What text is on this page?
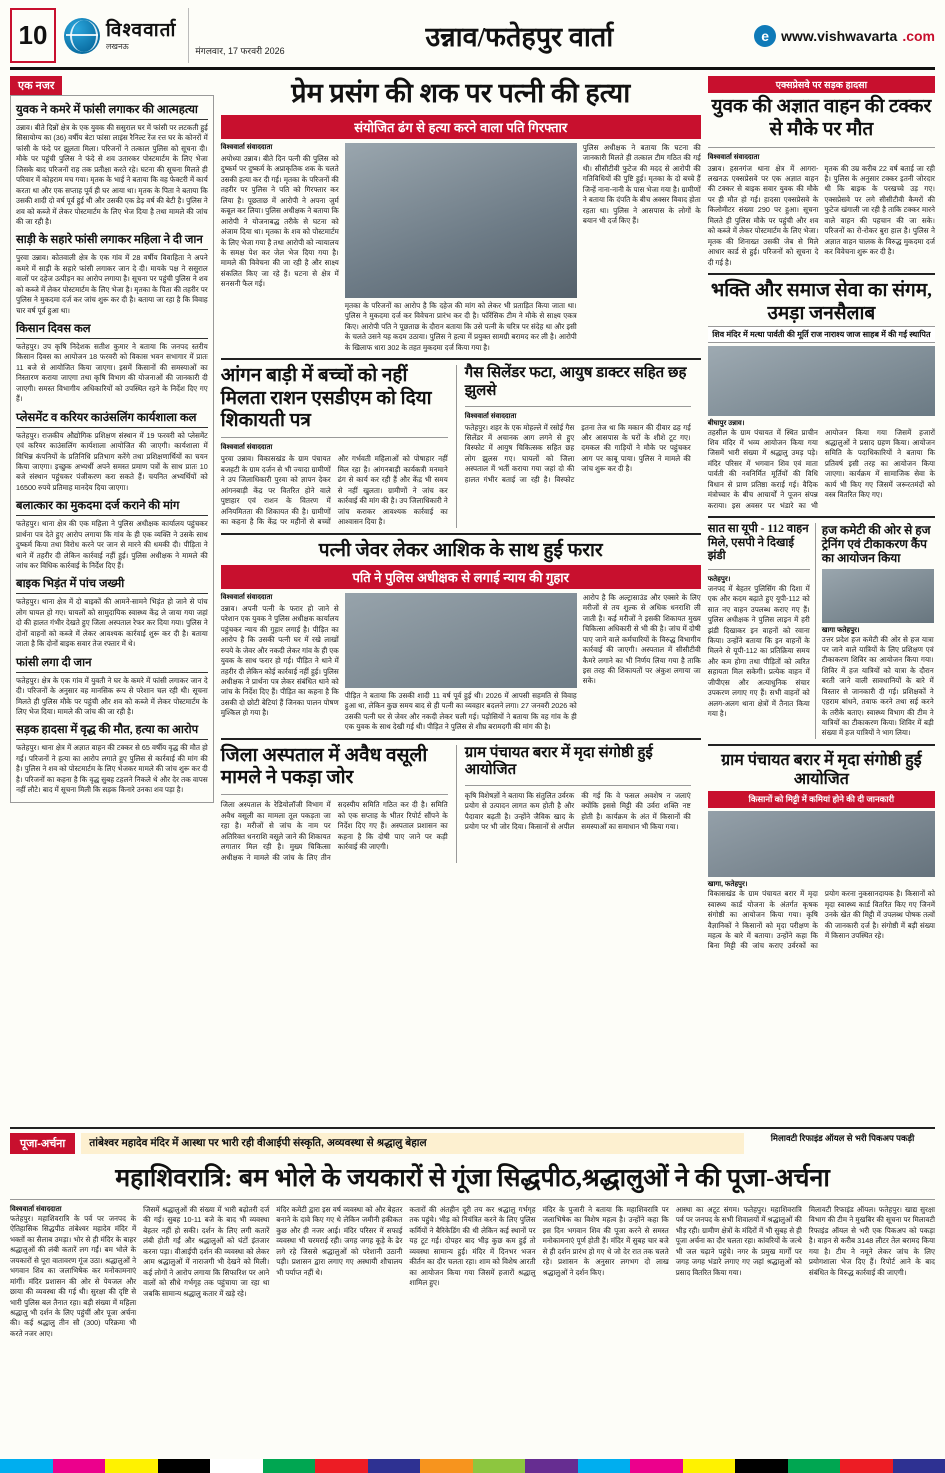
10	विश्ववार्ता
लखनऊ	मंगलवार, 17 फरवरी 2026	उन्नाव/फतेहपुर वार्ता	e www.vishwavarta .com
एक नजर
युवक ने कमरे में फांसी लगाकर की आत्महत्या
उन्नाव। बीते दिन्नों क्षेत्र के एक युवक की ससुराल घर में फांसी पर लटकती हुई सिसायोग्य का (36) वर्षीय बेटा फांसा लाइंस रैनिल्ट रेंज रत्त घर के कोनरों में फांसी के फंदे पर झूलता मिला। परिजनों ने तत्काल पुलिस को सूचना दी। मौके पर पहुंची पुलिस ने फंदे से शव उतारकर पोस्टमार्टम के लिए भेजा जिसके बाद परिजनों राह तक प्रतीक्षा करते रहे। घटना की सूचना मिलते ही परिवार में कोहराम मच गया। मृतक के भाई ने बताया कि वह फेक्टरी में कार्य करता था और एक सप्ताह पूर्व ही घर आया था। मृतक के पिता ने बताया कि उसकी शादी दो वर्ष पूर्व हुई थी और उसकी एक डेढ़ वर्ष की बेटी है। पुलिस ने शव को कब्जे में लेकर पोस्टमार्टम के लिए भेज दिया है तथा मामले की जांच की जा रही है।
साड़ी के सहारे फांसी लगाकर महिला ने दी जान
पुरवा उन्नाव। कोतवाली क्षेत्र के एक गांव में 28 वर्षीय विवाहिता ने अपने कमरे में साड़ी के सहारे फांसी लगाकर जान दे दी। मायके पक्ष ने ससुराल वालों पर दहेज उत्पीड़न का आरोप लगाया है। सूचना पर पहुंची पुलिस ने शव को कब्जे में लेकर पोस्टमार्टम के लिए भेजा है। मृतका के पिता की तहरीर पर पुलिस ने मुकदमा दर्ज कर जांच शुरू कर दी है। बताया जा रहा है कि विवाह चार वर्ष पूर्व हुआ था।
किसान दिवस कल
फतेहपुर। उप कृषि निदेशक सतीश कुमार ने बताया कि जनपद स्तरीय किसान दिवस का आयोजन 18 फरवरी को विकास भवन सभागार में प्रातः 11 बजे से आयोजित किया जाएगा। इसमें किसानों की समस्याओं का निस्तारण कराया जाएगा तथा कृषि विभाग की योजनाओं की जानकारी दी जाएगी। समस्त विभागीय अधिकारियों को उपस्थित रहने के निर्देश दिए गए हैं।
प्लेसमेंट व करियर काउंसलिंग कार्यशाला कल
फतेहपुर। राजकीय औद्योगिक प्रशिक्षण संस्थान में 19 फरवरी को प्लेसमेंट एवं करियर काउंसलिंग कार्यशाला आयोजित की जाएगी। कार्यशाला में विभिन्न कंपनियों के प्रतिनिधि प्रतिभाग करेंगे तथा प्रशिक्षणार्थियों का चयन किया जाएगा। इच्छुक अभ्यर्थी अपने समस्त प्रमाण पत्रों के साथ प्रातः 10 बजे संस्थान पहुंचकर पंजीकरण करा सकते हैं। चयनित अभ्यर्थियों को 16500 रुपये प्रतिमाह मानदेय दिया जाएगा।
बलात्कार का मुकदमा दर्ज कराने की मांग
फतेहपुर। थाना क्षेत्र की एक महिला ने पुलिस अधीक्षक कार्यालय पहुंचकर प्रार्थना पत्र देते हुए आरोप लगाया कि गांव के ही एक व्यक्ति ने उसके साथ दुष्कर्म किया तथा विरोध करने पर जान से मारने की धमकी दी। पीड़िता ने थाने में तहरीर दी लेकिन कार्रवाई नहीं हुई। पुलिस अधीक्षक ने मामले की जांच कर विधिक कार्रवाई के निर्देश दिए हैं।
बाइक भिड़ंत में पांच जख्मी
फतेहपुर। थाना क्षेत्र में दो बाइकों की आमने-सामने भिड़ंत हो जाने से पांच लोग घायल हो गए। घायलों को सामुदायिक स्वास्थ्य केंद्र ले जाया गया जहां दो की हालत गंभीर देखते हुए जिला अस्पताल रेफर कर दिया गया। पुलिस ने दोनों वाहनों को कब्जे में लेकर आवश्यक कार्रवाई शुरू कर दी है। बताया जाता है कि दोनों बाइक सवार तेज रफ्तार में थे।
फांसी लगा दी जान
फतेहपुर। क्षेत्र के एक गांव में युवती ने घर के कमरे में फांसी लगाकर जान दे दी। परिजनों के अनुसार वह मानसिक रूप से परेशान चल रही थी। सूचना मिलते ही पुलिस मौके पर पहुंची और शव को कब्जे में लेकर पोस्टमार्टम के लिए भेज दिया। मामले की जांच की जा रही है।
सड़क हादसा में वृद्ध की मौत, हत्या का आरोप
फतेहपुर। थाना क्षेत्र में अज्ञात वाहन की टक्कर से 65 वर्षीय वृद्ध की मौत हो गई। परिजनों ने हत्या का आरोप लगाते हुए पुलिस से कार्रवाई की मांग की है। पुलिस ने शव को पोस्टमार्टम के लिए भेजकर मामले की जांच शुरू कर दी है। परिजनों का कहना है कि वृद्ध सुबह टहलने निकले थे और देर तक वापस नहीं लौटे। बाद में सूचना मिली कि सड़क किनारे उनका शव पड़ा है।
प्रेम प्रसंग की शक पर पत्नी की हत्या
संयोजित ढंग से हत्या करने वाला पति गिरफ्तार
विश्ववार्ता संवाददाता
अयोध्या उन्नाव। बीते दिन पत्नी की पुलिस को दुष्कर्म पर दुष्कर्म के अप्राकृतिक शक के चलते उसकी हत्या कर दी गई। मृतका के परिजनों की तहरीर पर पुलिस ने पति को गिरफ्तार कर लिया है। पूछताछ में आरोपी ने अपना जुर्म कबूल कर लिया। पुलिस अधीक्षक ने बताया कि आरोपी ने योजनाबद्ध तरीके से घटना को अंजाम दिया था। मृतका के शव को पोस्टमार्टम के लिए भेजा गया है तथा आरोपी को न्यायालय के समक्ष पेश कर जेल भेज दिया गया है। मामले की विवेचना की जा रही है और साक्ष्य संकलित किए जा रहे हैं। घटना से क्षेत्र में सनसनी फैल गई।
मृतका के परिजनों का आरोप है कि दहेज की मांग को लेकर भी प्रताड़ित किया जाता था। पुलिस ने मुकदमा दर्ज कर विवेचना प्रारंभ कर दी है। फॉरेंसिक टीम ने मौके से साक्ष्य एकत्र किए। आरोपी पति ने पूछताछ के दौरान बताया कि उसे पत्नी के चरित्र पर संदेह था और इसी के चलते उसने यह कदम उठाया। पुलिस ने हत्या में प्रयुक्त सामग्री बरामद कर ली है। आरोपी के खिलाफ धारा 302 के तहत मुकदमा दर्ज किया गया है।
पुलिस अधीक्षक ने बताया कि घटना की जानकारी मिलते ही तत्काल टीम गठित की गई थी। सीसीटीवी फुटेज की मदद से आरोपी की गतिविधियों की पुष्टि हुई। मृतका के दो बच्चे हैं जिन्हें नाना-नानी के पास भेजा गया है। ग्रामीणों ने बताया कि दंपति के बीच अक्सर विवाद होता रहता था। पुलिस ने आसपास के लोगों के बयान भी दर्ज किए हैं।
आंगन बाड़ी में बच्चों को नहीं मिलता राशन एसडीएम को दिया शिकायती पत्र
विश्ववार्ता संवाददाता
पुरवा उन्नाव। विकासखंड के ग्राम पंचायत बजहटी के ग्राम दर्जन से भी ज्यादा ग्रामीणों ने उप जिलाधिकारी पुरवा को ज्ञापन देकर आंगनबाड़ी केंद्र पर वितरित होने वाले पुष्टाहार एवं राशन के वितरण में अनियमितता की शिकायत की है। ग्रामीणों का कहना है कि केंद्र पर महीनों से बच्चों और गर्भवती महिलाओं को पोषाहार नहीं मिल रहा है। आंगनबाड़ी कार्यकत्री मनमाने ढंग से कार्य कर रही हैं और केंद्र भी समय से नहीं खुलता। ग्रामीणों ने जांच कर कार्रवाई की मांग की है। उप जिलाधिकारी ने जांच कराकर आवश्यक कार्रवाई का आश्वासन दिया है।
गैस सिलेंडर फटा, आयुष डाक्टर सहित छह झुलसे
विश्ववार्ता संवाददाता
फतेहपुर। शहर के एक मोहल्ले में रसोई गैस सिलेंडर में अचानक आग लगने से हुए विस्फोट में आयुष चिकित्सक सहित छह लोग झुलस गए। घायलों को जिला अस्पताल में भर्ती कराया गया जहां दो की हालत गंभीर बताई जा रही है। विस्फोट इतना तेज था कि मकान की दीवार ढह गई और आसपास के घरों के शीशे टूट गए। दमकल की गाड़ियों ने मौके पर पहुंचकर आग पर काबू पाया। पुलिस ने मामले की जांच शुरू कर दी है।
पत्नी जेवर लेकर आशिक के साथ हुई फरार
पति ने पुलिस अधीक्षक से लगाई न्याय की गुहार
विश्ववार्ता संवाददाता
उन्नाव। अपनी पत्नी के फरार हो जाने से परेशान एक युवक ने पुलिस अधीक्षक कार्यालय पहुंचकर न्याय की गुहार लगाई है। पीड़ित का आरोप है कि उसकी पत्नी घर में रखे लाखों रुपये के जेवर और नकदी लेकर गांव के ही एक युवक के साथ फरार हो गई। पीड़ित ने थाने में तहरीर दी लेकिन कोई कार्रवाई नहीं हुई। पुलिस अधीक्षक ने प्रार्थना पत्र लेकर संबंधित थाने को जांच के निर्देश दिए हैं। पीड़ित का कहना है कि उसकी दो छोटी बेटियां हैं जिनका पालन पोषण मुश्किल हो गया है।
पीड़ित ने बताया कि उसकी शादी 11 वर्ष पूर्व हुई थी। 2026 में आपसी सहमति से विवाह हुआ था, लेकिन कुछ समय बाद से ही पत्नी का व्यवहार बदलने लगा। 27 जनवरी 2026 को उसकी पत्नी घर से जेवर और नकदी लेकर चली गई। पड़ोसियों ने बताया कि वह गांव के ही एक युवक के साथ देखी गई थी। पीड़ित ने पुलिस से शीघ्र बरामदगी की मांग की है।
आरोप है कि अल्ट्रासाउंड और एक्सरे के लिए मरीजों से तय शुल्क से अधिक धनराशि ली जाती है। कई मरीजों ने इसकी शिकायत मुख्य चिकित्सा अधिकारी से भी की है। जांच में दोषी पाए जाने वाले कर्मचारियों के विरुद्ध विभागीय कार्रवाई की जाएगी। अस्पताल में सीसीटीवी कैमरे लगाने का भी निर्णय लिया गया है ताकि इस तरह की शिकायतों पर अंकुश लगाया जा सके।
जिला अस्पताल में अवैध वसूली मामले ने पकड़ा जोर
जिला अस्पताल के रेडियोलॉजी विभाग में अवैध वसूली का मामला तूल पकड़ता जा रहा है। मरीजों से जांच के नाम पर अतिरिक्त धनराशि वसूले जाने की शिकायत लगातार मिल रही है। मुख्य चिकित्सा अधीक्षक ने मामले की जांच के लिए तीन सदस्यीय समिति गठित कर दी है। समिति को एक सप्ताह के भीतर रिपोर्ट सौंपने के निर्देश दिए गए हैं। अस्पताल प्रशासन का कहना है कि दोषी पाए जाने पर कड़ी कार्रवाई की जाएगी।
ग्राम पंचायत बरार में मृदा संगोष्ठी हुई आयोजित
कृषि विशेषज्ञों ने बताया कि संतुलित उर्वरक प्रयोग से उत्पादन लागत कम होती है और पैदावार बढ़ती है। उन्होंने जैविक खाद के प्रयोग पर भी जोर दिया। किसानों से अपील की गई कि वे फसल अवशेष न जलाएं क्योंकि इससे मिट्टी की उर्वरा शक्ति नष्ट होती है। कार्यक्रम के अंत में किसानों की समस्याओं का समाधान भी किया गया।
एक्सप्रेसवे पर सड़क हादसा
युवक की अज्ञात वाहन की टक्कर से मौके पर मौत
विश्ववार्ता संवाददाता
उन्नाव। हसनगंज थाना क्षेत्र में आगरा-लखनऊ एक्सप्रेसवे पर एक अज्ञात वाहन की टक्कर से बाइक सवार युवक की मौके पर ही मौत हो गई। हादसा एक्सप्रेसवे के किलोमीटर संख्या 290 पर हुआ। सूचना मिलते ही पुलिस मौके पर पहुंची और शव को कब्जे में लेकर पोस्टमार्टम के लिए भेजा। मृतक की शिनाख्त उसकी जेब से मिले आधार कार्ड से हुई। परिजनों को सूचना दे दी गई है।
मृतक की उम्र करीब 22 वर्ष बताई जा रही है। पुलिस के अनुसार टक्कर इतनी जोरदार थी कि बाइक के परखच्चे उड़ गए। एक्सप्रेसवे पर लगे सीसीटीवी कैमरों की फुटेज खंगाली जा रही है ताकि टक्कर मारने वाले वाहन की पहचान की जा सके। परिजनों का रो-रोकर बुरा हाल है। पुलिस ने अज्ञात वाहन चालक के विरुद्ध मुकदमा दर्ज कर विवेचना शुरू कर दी है।
भक्ति और समाज सेवा का संगम, उमड़ा जनसैलाब
शिव मंदिर में मत्था पार्वती की मूर्ति राज नाराश्य जाज साहब में की गई स्थापित
बीघापुर उन्नाव।
तहसील के ग्राम पंचायत में स्थित प्राचीन शिव मंदिर में भव्य आयोजन किया गया जिसमें भारी संख्या में श्रद्धालु उमड़ पड़े। मंदिर परिसर में भगवान शिव एवं माता पार्वती की नवनिर्मित मूर्तियों की विधि विधान से प्राण प्रतिष्ठा कराई गई। वैदिक मंत्रोच्चार के बीच आचार्यों ने पूजन संपन्न कराया। इस अवसर पर भंडारे का भी आयोजन किया गया जिसमें हजारों श्रद्धालुओं ने प्रसाद ग्रहण किया। आयोजन समिति के पदाधिकारियों ने बताया कि प्रतिवर्ष इसी तरह का आयोजन किया जाएगा। कार्यक्रम में सामाजिक सेवा के कार्य भी किए गए जिसमें जरूरतमंदों को वस्त्र वितरित किए गए।
सात सा यूपी - 112 वाहन मिले, एसपी ने दिखाई झंडी
फतेहपुर।
जनपद में बेहतर पुलिसिंग की दिशा में एक और कदम बढ़ाते हुए यूपी-112 को सात नए वाहन उपलब्ध कराए गए हैं। पुलिस अधीक्षक ने पुलिस लाइन में हरी झंडी दिखाकर इन वाहनों को रवाना किया। उन्होंने बताया कि इन वाहनों के मिलने से यूपी-112 का प्रतिक्रिया समय और कम होगा तथा पीड़ितों को त्वरित सहायता मिल सकेगी। प्रत्येक वाहन में जीपीएस और अत्याधुनिक संचार उपकरण लगाए गए हैं। सभी वाहनों को अलग-अलग थाना क्षेत्रों में तैनात किया गया है।
हज कमेटी की ओर से हज ट्रेनिंग एवं टीकाकरण कैंप का आयोजन किया
खागा फतेहपुर।
उत्तर प्रदेश हज कमेटी की ओर से हज यात्रा पर जाने वाले यात्रियों के लिए प्रशिक्षण एवं टीकाकरण शिविर का आयोजन किया गया। शिविर में हज यात्रियों को यात्रा के दौरान बरती जाने वाली सावधानियों के बारे में विस्तार से जानकारी दी गई। प्रशिक्षकों ने एहराम बांधने, तवाफ करने तथा सई करने के तरीके बताए। स्वास्थ्य विभाग की टीम ने यात्रियों का टीकाकरण किया। शिविर में बड़ी संख्या में हज यात्रियों ने भाग लिया।
ग्राम पंचायत बरार में मृदा संगोष्ठी हुई आयोजित
किसानों को मिट्टी में कमियां होने की दी जानकारी
खागा, फतेहपुर।
विकासखंड के ग्राम पंचायत बरार में मृदा स्वास्थ्य कार्ड योजना के अंतर्गत कृषक संगोष्ठी का आयोजन किया गया। कृषि वैज्ञानिकों ने किसानों को मृदा परीक्षण के महत्व के बारे में बताया। उन्होंने कहा कि बिना मिट्टी की जांच कराए उर्वरकों का प्रयोग करना नुकसानदायक है। किसानों को मृदा स्वास्थ्य कार्ड वितरित किए गए जिनमें उनके खेत की मिट्टी में उपलब्ध पोषक तत्वों की जानकारी दर्ज है। संगोष्ठी में बड़ी संख्या में किसान उपस्थित रहे।
पूजा-अर्चना	तांबेश्वर महादेव मंदिर में आस्था पर भारी रही वीआईपी संस्कृति, अव्यवस्था से श्रद्धालु बेहाल	मिलावटी रिफाइंड ऑयल से भरी पिकअप पकड़ी
महाशिवरात्रि: बम भोले के जयकारों से गूंजा सिद्धपीठ,श्रद्धालुओं ने की पूजा-अर्चना
विश्ववार्ता संवाददाता
फतेहपुर। महाशिवरात्रि के पर्व पर जनपद के ऐतिहासिक सिद्धपीठ तांबेश्वर महादेव मंदिर में भक्तों का सैलाब उमड़ा। भोर से ही मंदिर के बाहर श्रद्धालुओं की लंबी कतारें लग गईं। बम भोले के जयकारों से पूरा वातावरण गूंज उठा। श्रद्धालुओं ने भगवान शिव का जलाभिषेक कर मनोकामनाएं मांगीं। मंदिर प्रशासन की ओर से पेयजल और छाया की व्यवस्था की गई थी। सुरक्षा की दृष्टि से भारी पुलिस बल तैनात रहा। बड़ी संख्या में महिला श्रद्धालु भी दर्शन के लिए पहुंचीं और पूजा अर्चना की। कई श्रद्धालु तीन सौ (300) परिक्रमा भी करते नजर आए।
जिसमें श्रद्धालुओं की संख्या में भारी बढ़ोतरी दर्ज की गई। सुबह 10-11 बजे के बाद भी व्यवस्था बेहतर नहीं हो सकी। दर्शन के लिए लगी कतारें लंबी होती गईं और श्रद्धालुओं को घंटों इंतजार करना पड़ा। वीआईपी दर्शन की व्यवस्था को लेकर आम श्रद्धालुओं में नाराजगी भी देखने को मिली। कई लोगों ने आरोप लगाया कि सिफारिश पर आने वालों को सीधे गर्भगृह तक पहुंचाया जा रहा था जबकि सामान्य श्रद्धालु कतार में खड़े रहे।
मंदिर कमेटी द्वारा इस वर्ष व्यवस्था को और बेहतर बनाने के दावे किए गए थे लेकिन जमीनी हकीकत कुछ और ही नजर आई। मंदिर परिसर में सफाई व्यवस्था भी चरमराई रही। जगह जगह कूड़े के ढेर लगे रहे जिससे श्रद्धालुओं को परेशानी उठानी पड़ी। प्रशासन द्वारा लगाए गए अस्थायी शौचालय भी पर्याप्त नहीं थे।
कतारों की अंतहीन दूरी तय कर श्रद्धालु गर्भगृह तक पहुंचे। भीड़ को नियंत्रित करने के लिए पुलिस कर्मियों ने बैरिकेडिंग की थी लेकिन कई स्थानों पर यह टूट गई। दोपहर बाद भीड़ कुछ कम हुई तो व्यवस्था सामान्य हुई। मंदिर में दिनभर भजन कीर्तन का दौर चलता रहा। शाम को विशेष आरती का आयोजन किया गया जिसमें हजारों श्रद्धालु शामिल हुए।
मंदिर के पुजारी ने बताया कि महाशिवरात्रि पर जलाभिषेक का विशेष महत्व है। उन्होंने कहा कि इस दिन भगवान शिव की पूजा करने से समस्त मनोकामनाएं पूर्ण होती हैं। मंदिर में सुबह चार बजे से ही दर्शन प्रारंभ हो गए थे जो देर रात तक चलते रहे। प्रशासन के अनुसार लगभग दो लाख श्रद्धालुओं ने दर्शन किए।
आस्था का अटूट संगम। फतेहपुर। महाशिवरात्रि पर्व पर जनपद के सभी शिवालयों में श्रद्धालुओं की भीड़ रही। ग्रामीण क्षेत्रों के मंदिरों में भी सुबह से ही पूजा अर्चना का दौर चलता रहा। कांवरियों के जत्थे भी जल चढ़ाने पहुंचे। नगर के प्रमुख मार्गों पर जगह जगह भंडारे लगाए गए जहां श्रद्धालुओं को प्रसाद वितरित किया गया।
मिलावटी रिफाइंड ऑयल। फतेहपुर। खाद्य सुरक्षा विभाग की टीम ने मुखबिर की सूचना पर मिलावटी रिफाइंड ऑयल से भरी एक पिकअप को पकड़ा है। वाहन से करीब 3148 लीटर तेल बरामद किया गया है। टीम ने नमूने लेकर जांच के लिए प्रयोगशाला भेज दिए हैं। रिपोर्ट आने के बाद संबंधित के विरुद्ध कार्रवाई की जाएगी।
